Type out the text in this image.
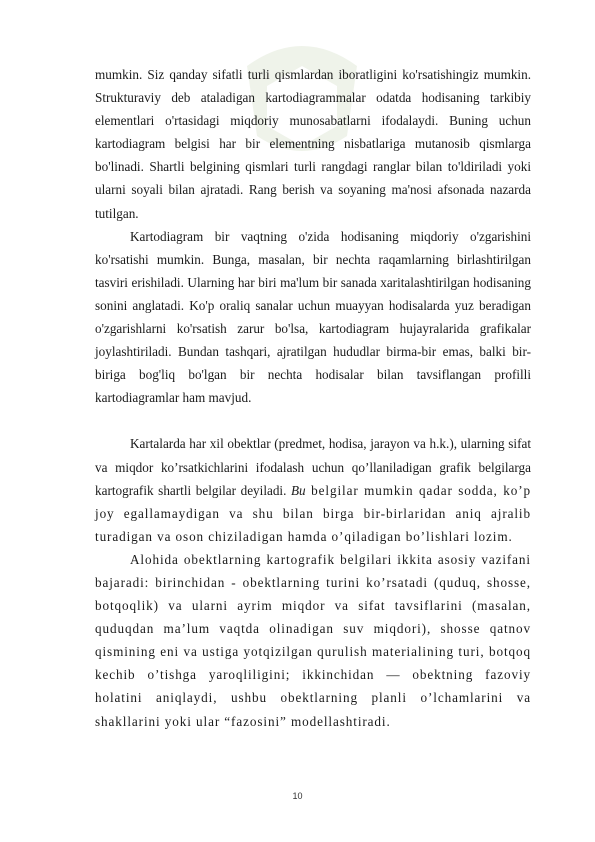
mumkin. Siz qanday sifatli turli qismlardan iboratligini ko'rsatishingiz mumkin. Strukturaviy deb ataladigan kartodiagrammalar odatda hodisaning tarkibiy elementlari o'rtasidagi miqdoriy munosabatlarni ifodalaydi. Buning uchun kartodiagram belgisi har bir elementning nisbatlariga mutanosib qismlarga bo'linadi. Shartli belgining qismlari turli rangdagi ranglar bilan to'ldiriladi yoki ularni soyali bilan ajratadi. Rang berish va soyaning ma'nosi afsonada nazarda tutilgan.

Kartodiagram bir vaqtning o'zida hodisaning miqdoriy o'zgarishini ko'rsatishi mumkin. Bunga, masalan, bir nechta raqamlarning birlashtirilgan tasviri erishiladi. Ularning har biri ma'lum bir sanada xaritalashtirilgan hodisaning sonini anglatadi. Ko'p oraliq sanalar uchun muayyan hodisalarda yuz beradigan o'zgarishlarni ko'rsatish zarur bo'lsa, kartodiagram hujayralarida grafikalar joylashtiriladi. Bundan tashqari, ajratilgan hududlar birma-bir emas, balki bir-biriga bog'liq bo'lgan bir nechta hodisalar bilan tavsiflangan profilli kartodiagramlar ham mavjud.

Kartalarda har xil obektlar (predmet, hodisa, jarayon va h.k.), ularning sifat va miqdor ko’rsatkichlarini ifodalash uchun qo’llaniladigan grafik belgilarga kartografik shartli belgilar deyiladi. Bu belgilar mumkin qadar sodda, ko’p joy egallamaydigan va shu bilan birga bir-birlaridan aniq ajralib turadigan va oson chiziladigan hamda o’qiladigan bo’lishlari lozim.

Alohida obektlarning kartografik belgilari ikkita asosiy vazifani bajaradi: birinchidan - obektlarning turini ko’rsatadi (quduq, shosse, botqoqlik) va ularni ayrim miqdor va sifat tavsiflarini (masalan, quduqdan ma’lum vaqtda olinadigan suv miqdori), shosse qatnov qismining eni va ustiga yotqizilgan qurulish materialining turi, botqoq kechib o’tishga yaroqliligini; ikkinchidan — obektning fazoviy holatini aniqlaydi, ushbu obektlarning planli o’lchamlarini va shakllarini yoki ular “fazosini” modellashtiradi.

10
